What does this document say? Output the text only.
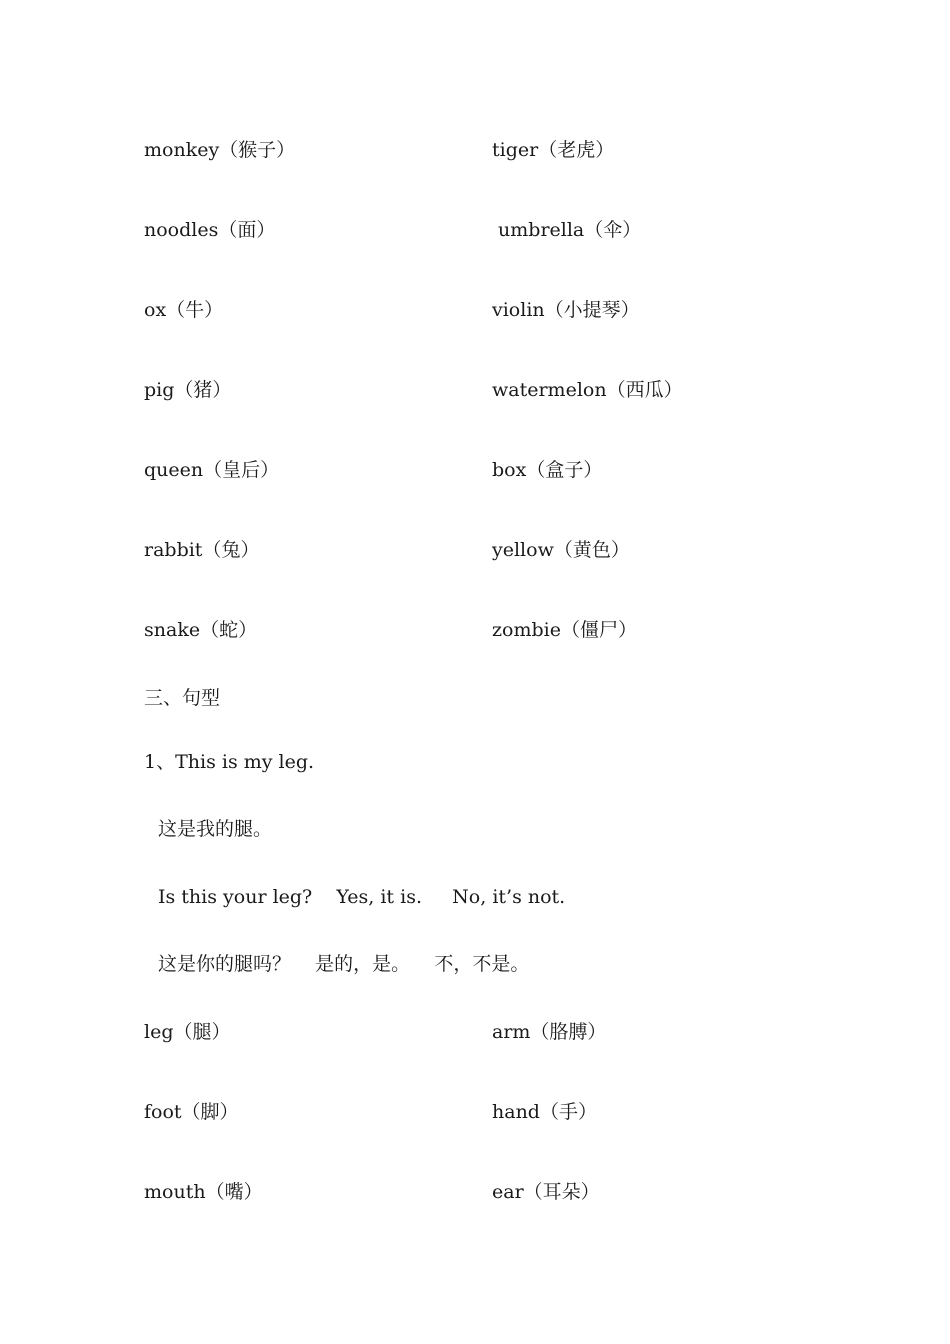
monkey（猴子）	tiger（老虎）
noodles（面）	umbrella（伞）
ox（牛）	violin（小提琴）
pig（猪）	watermelon（西瓜）
queen（皇后）	box（盒子）
rabbit（兔）	yellow（黄色）
snake（蛇）	zombie（僵尸）
三、句型
1、This is my leg.
这是我的腿。
Is this your leg?    Yes, it is.     No, it’s not.
这是你的腿吗？    是的，是。    不，不是。
leg（腿）	arm（胳膊）
foot（脚）	hand（手）
mouth（嘴）	ear（耳朵）
